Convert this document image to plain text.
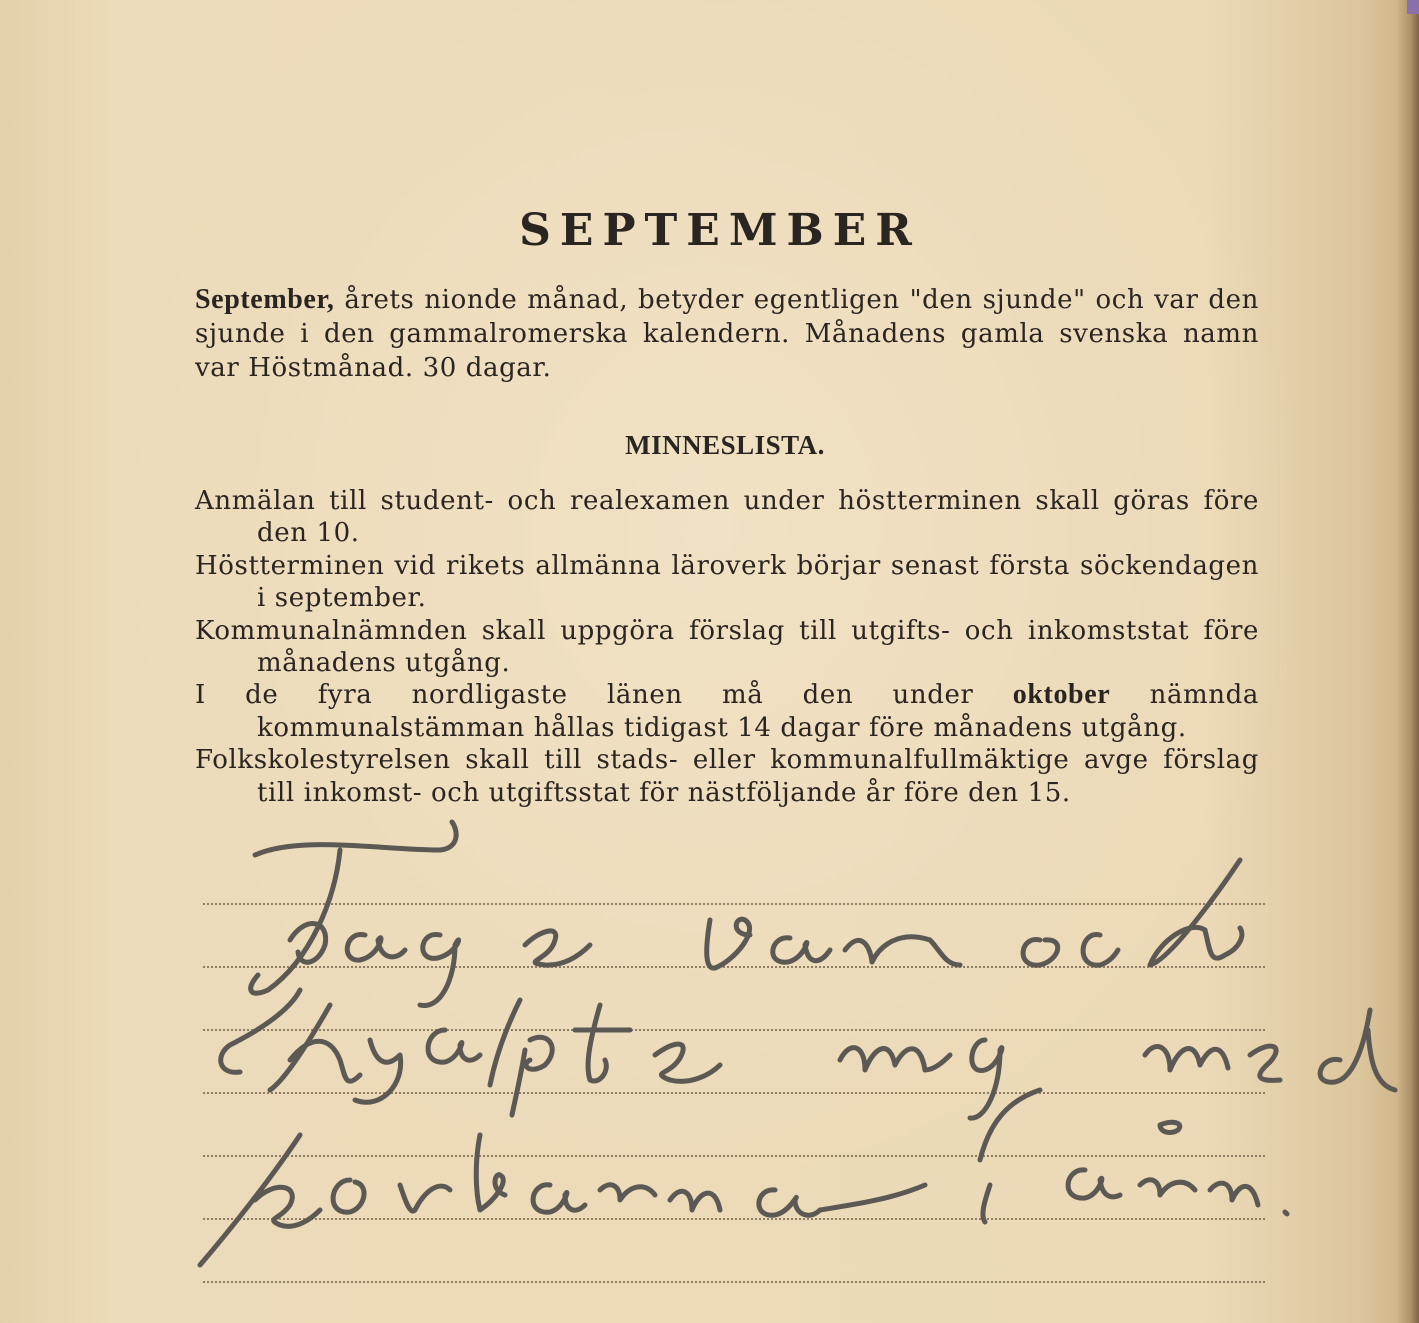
SEPTEMBER
September, årets nionde månad, betyder egentligen "den sjunde" och var den sjunde i den gammalromerska kalendern. Månadens gamla svenska namn var Höstmånad. 30 dagar.
MINNESLISTA.
Anmälan till student- och realexamen under höstterminen skall göras före den 10.
Höstterminen vid rikets allmänna läroverk börjar senast första söckendagen i september.
Kommunalnämnden skall uppgöra förslag till utgifts- och inkomststat före månadens utgång.
I de fyra nordligaste länen må den under oktober nämnda kommunalstämman hållas tidigast 14 dagar före månadens utgång.
Folkskolestyrelsen skall till stads- eller kommunalfullmäktige avge förslag till inkomst- och utgiftsstat för nästföljande år före den 15.
